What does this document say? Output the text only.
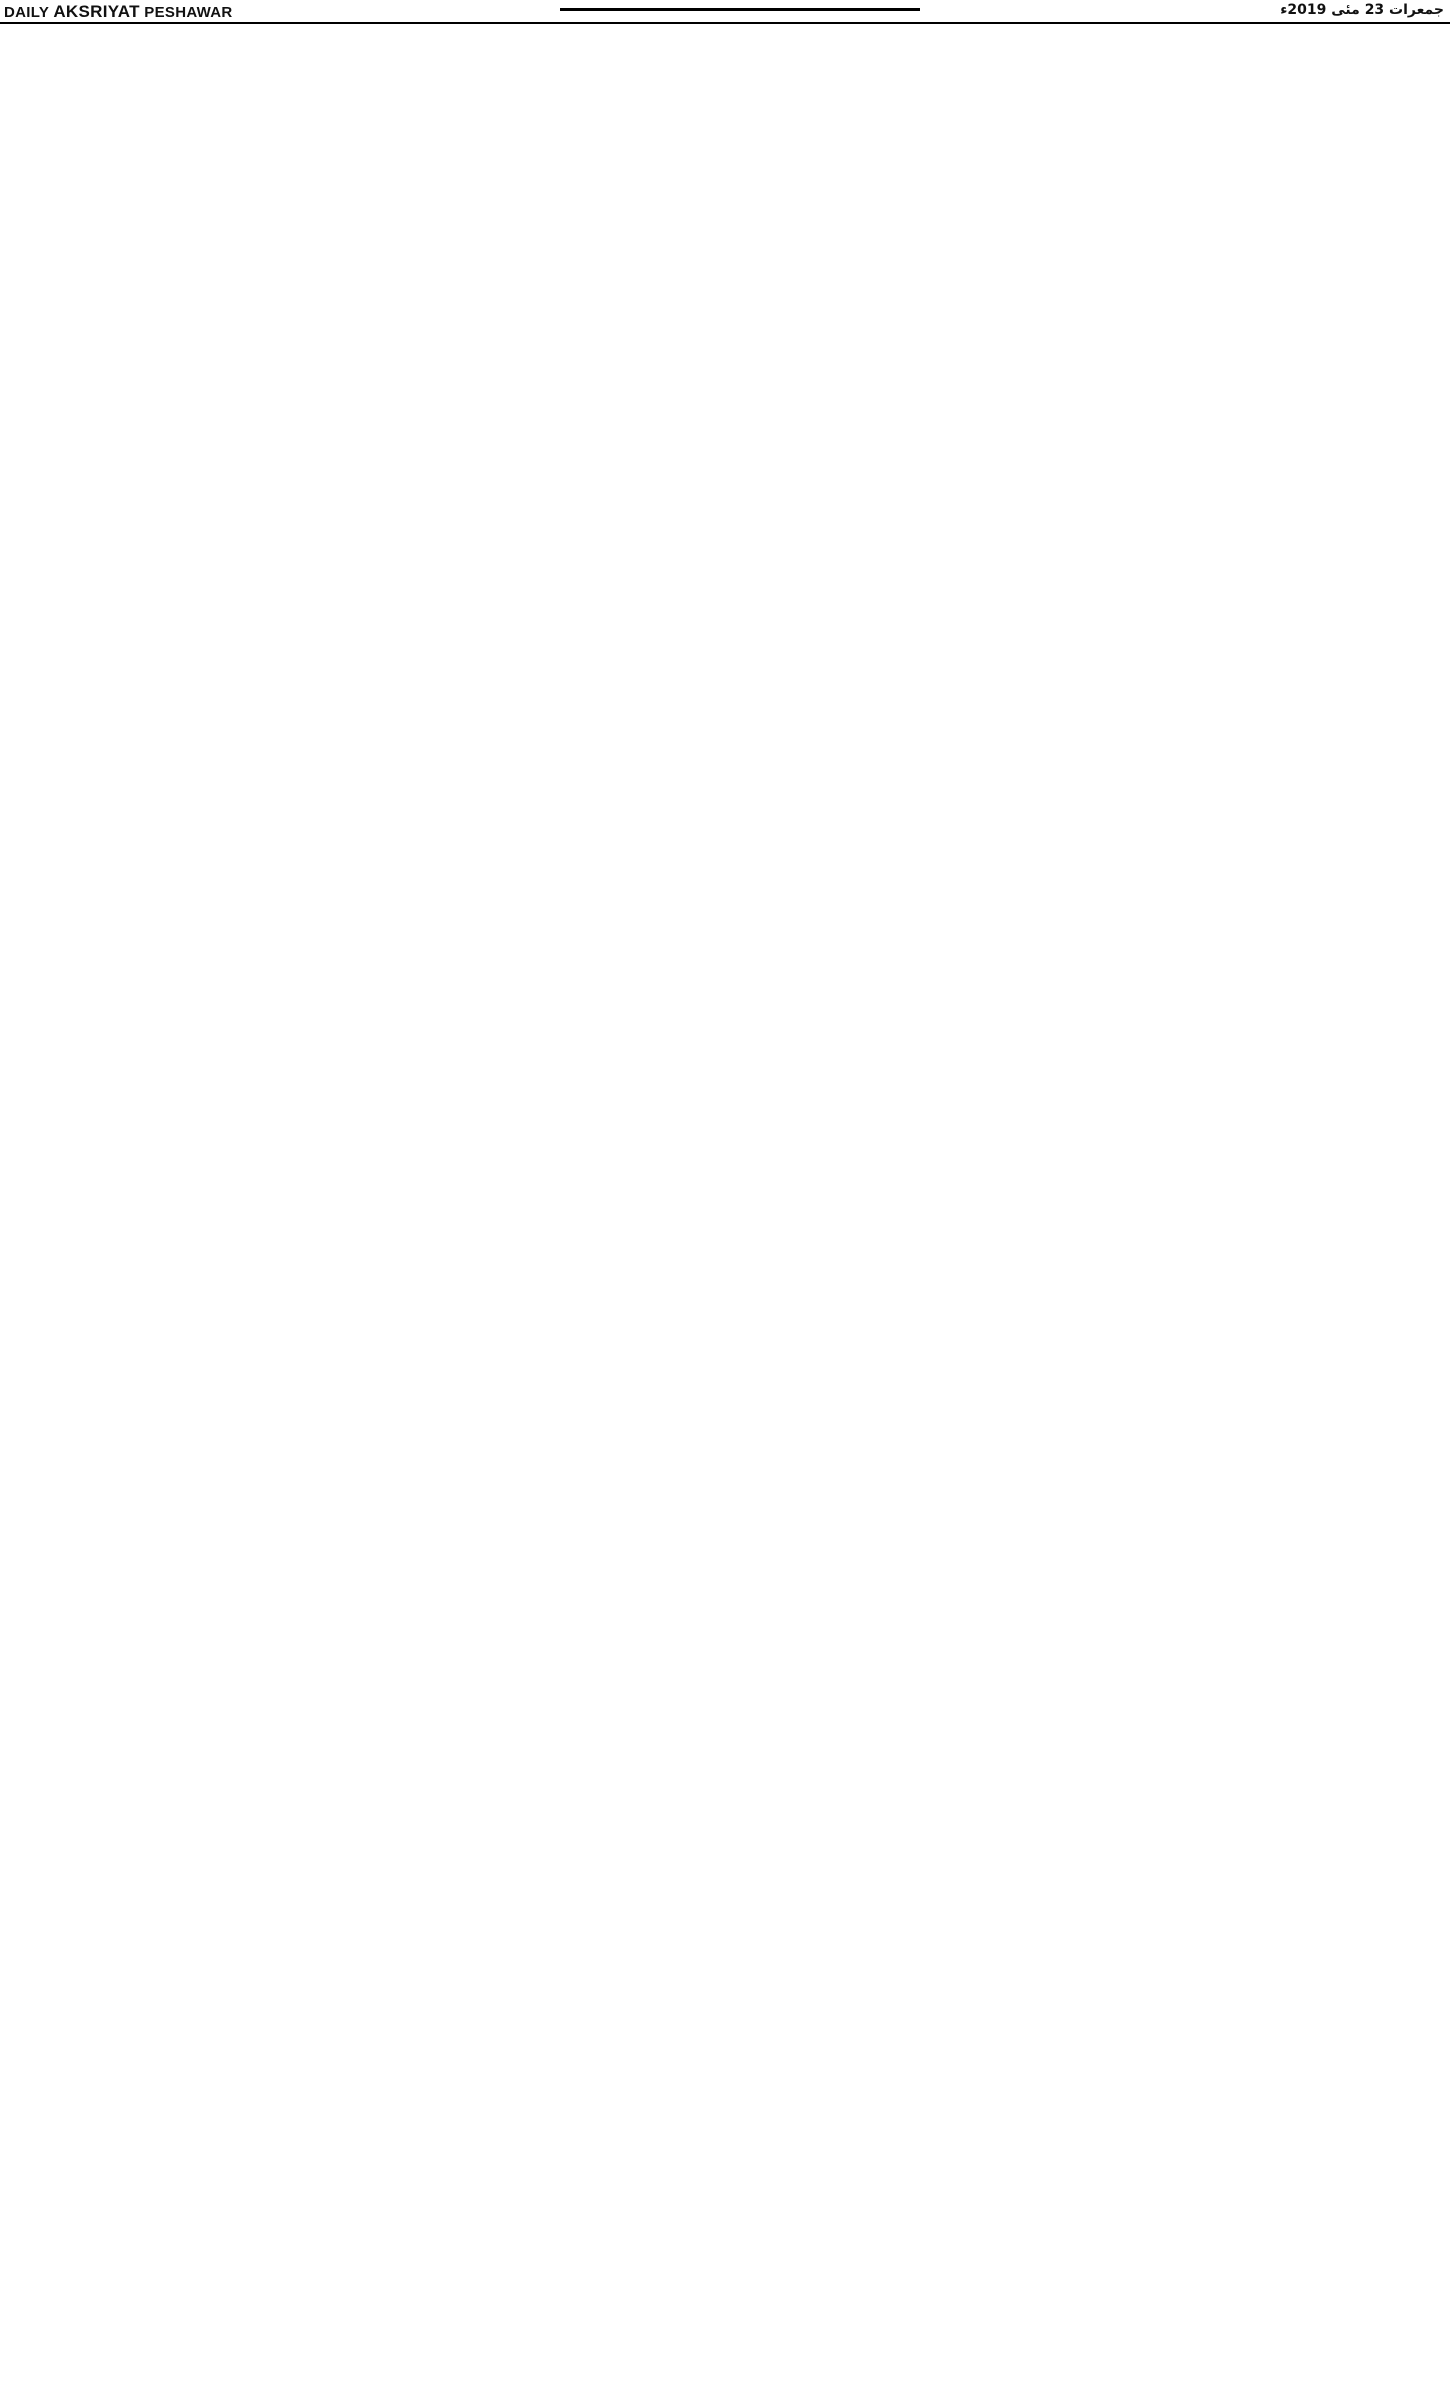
DAILY AKSRIYAT PESHAWAR	جمعرات 23 مئی 2019ء
